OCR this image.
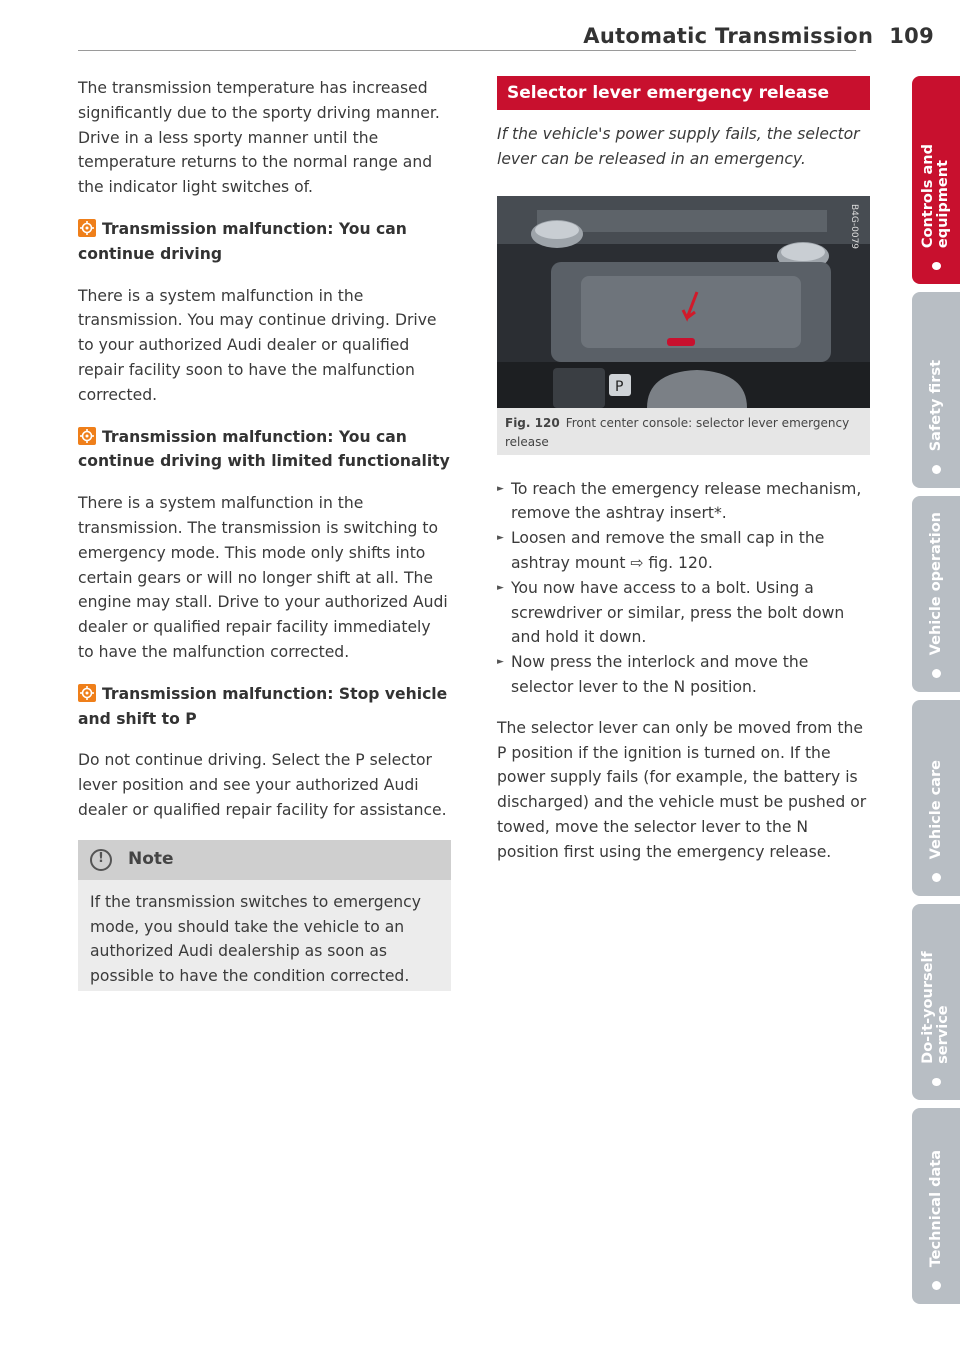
Automatic Transmission 109

The transmission temperature has increased significantly due to the sporty driving manner. Drive in a less sporty manner until the temperature returns to the normal range and the indicator light switches of.

Transmission malfunction: You can continue driving

There is a system malfunction in the transmission. You may continue driving. Drive to your authorized Audi dealer or qualified repair facility soon to have the malfunction corrected.

Transmission malfunction: You can continue driving with limited functionality

There is a system malfunction in the transmission. The transmission is switching to emergency mode. This mode only shifts into certain gears or will no longer shift at all. The engine may stall. Drive to your authorized Audi dealer or qualified repair facility immediately to have the malfunction corrected.

Transmission malfunction: Stop vehicle and shift to P

Do not continue driving. Select the P selector lever position and see your authorized Audi dealer or qualified repair facility for assistance.

!	Note
If the transmission switches to emergency mode, you should take the vehicle to an authorized Audi dealership as soon as possible to have the condition corrected.
Selector lever emergency release

If the vehicle's power supply fails, the selector lever can be released in an emergency.

P
B4G-0079
Fig. 120 Front center console: selector lever emergency release
► To reach the emergency release mechanism, remove the ashtray insert*.
► Loosen and remove the small cap in the ashtray mount ⇨ fig. 120.
► You now have access to a bolt. Using a screwdriver or similar, press the bolt down and hold it down.
► Now press the interlock and move the selector lever to the N position.

The selector lever can only be moved from the P position if the ignition is turned on. If the power supply fails (for example, the battery is discharged) and the vehicle must be pushed or towed, move the selector lever to the N position first using the emergency release.

Controls and equipment
Safety first
Vehicle operation
Vehicle care
Do-it-yourself service
Technical data
